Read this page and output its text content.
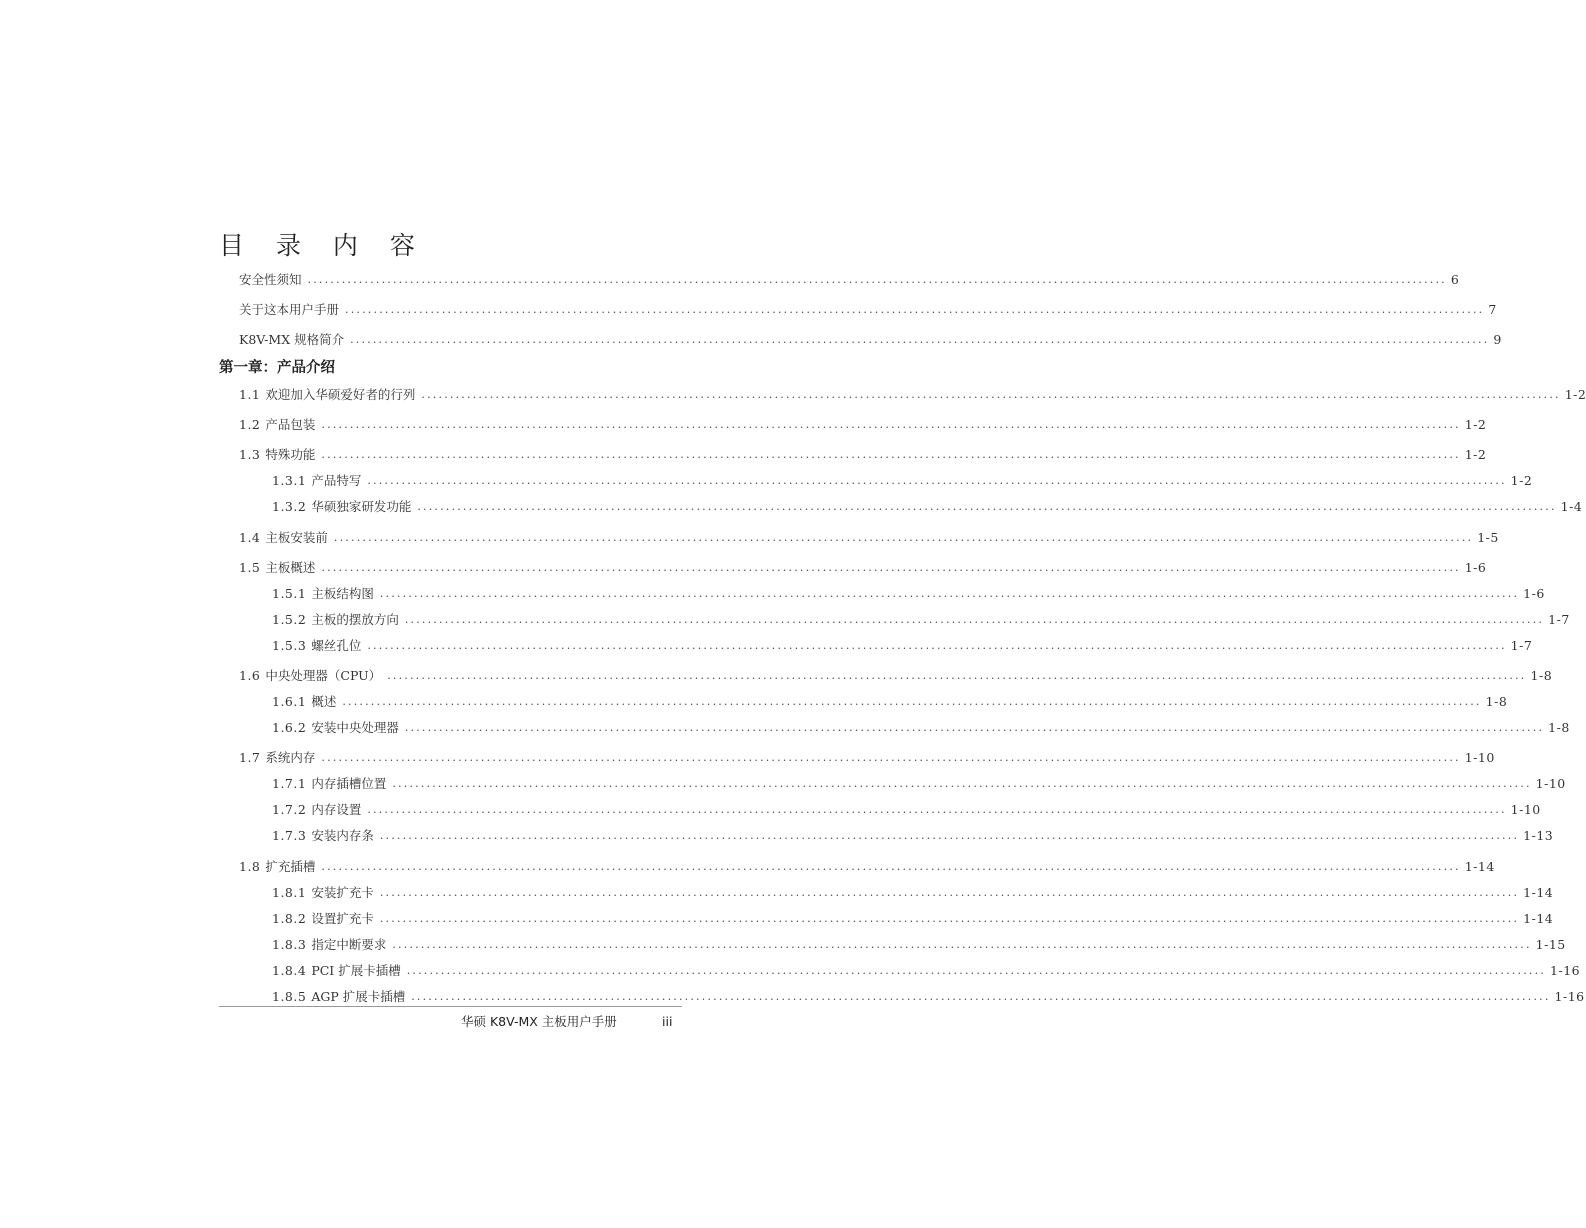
目 录 内 容
安全性须知 ........................................................................................................................................................................................................ 6
关于这本用户手册 ........................................................................................................................................................................................................ 7
K8V-MX 规格简介 ........................................................................................................................................................................................................ 9
第一章：产品介绍
1.1 欢迎加入华硕爱好者的行列 ........................................................................................................................................................................................................ 1-2
1.2 产品包装 ........................................................................................................................................................................................................ 1-2
1.3 特殊功能 ........................................................................................................................................................................................................ 1-2
1.3.1 产品特写 ........................................................................................................................................................................................................ 1-2
1.3.2 华硕独家研发功能 ........................................................................................................................................................................................................ 1-4
1.4 主板安装前 ........................................................................................................................................................................................................ 1-5
1.5 主板概述 ........................................................................................................................................................................................................ 1-6
1.5.1 主板结构图 ........................................................................................................................................................................................................ 1-6
1.5.2 主板的摆放方向 ........................................................................................................................................................................................................ 1-7
1.5.3 螺丝孔位 ........................................................................................................................................................................................................ 1-7
1.6 中央处理器（CPU） ........................................................................................................................................................................................................ 1-8
1.6.1 概述 ........................................................................................................................................................................................................ 1-8
1.6.2 安装中央处理器 ........................................................................................................................................................................................................ 1-8
1.7 系统内存 ........................................................................................................................................................................................................ 1-10
1.7.1 内存插槽位置 ........................................................................................................................................................................................................ 1-10
1.7.2 内存设置 ........................................................................................................................................................................................................ 1-10
1.7.3 安装内存条 ........................................................................................................................................................................................................ 1-13
1.8 扩充插槽 ........................................................................................................................................................................................................ 1-14
1.8.1 安装扩充卡 ........................................................................................................................................................................................................ 1-14
1.8.2 设置扩充卡 ........................................................................................................................................................................................................ 1-14
1.8.3 指定中断要求 ........................................................................................................................................................................................................ 1-15
1.8.4 PCI 扩展卡插槽 ........................................................................................................................................................................................................ 1-16
1.8.5 AGP 扩展卡插槽 ........................................................................................................................................................................................................ 1-16
华硕 K8V-MX 主板用户手册	iii
